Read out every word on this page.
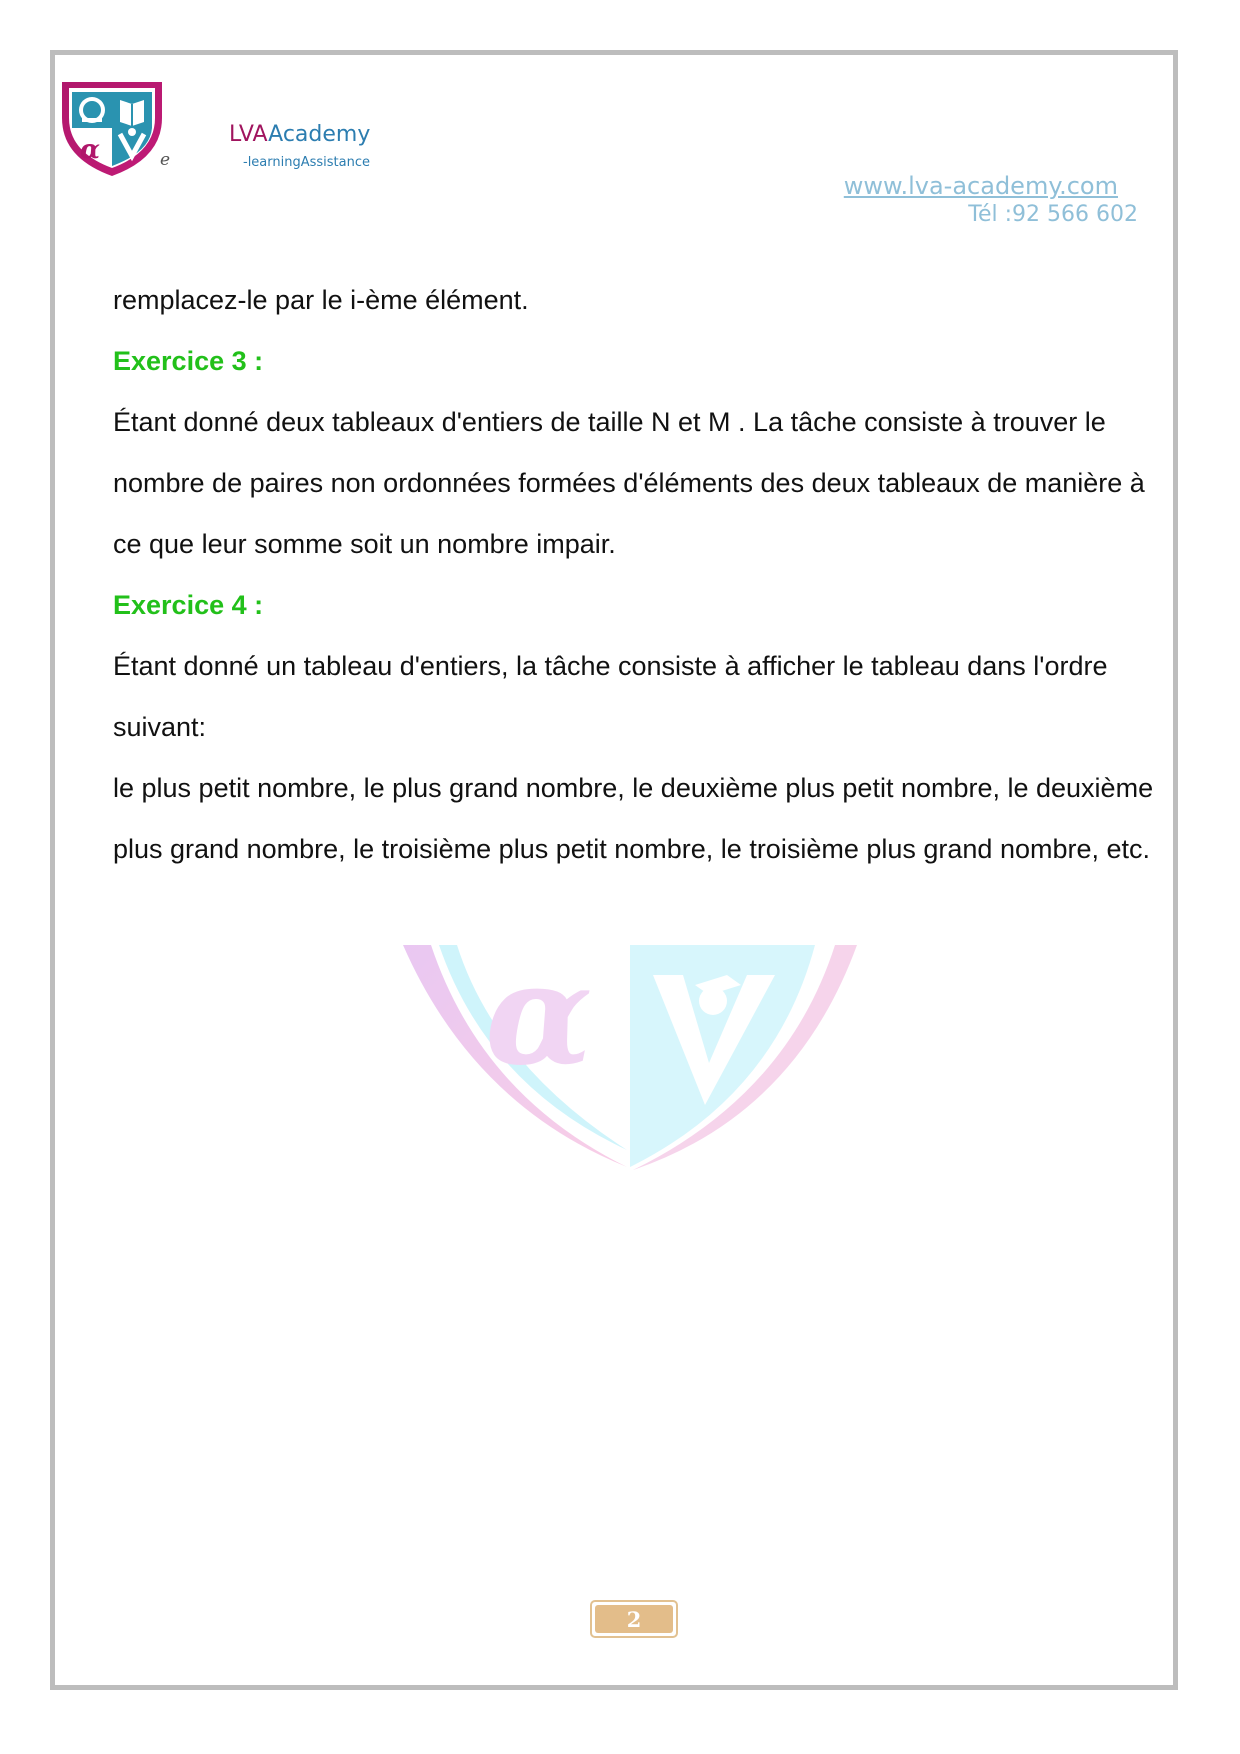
α	e
LVAAcademy
-learningAssistance
www.lva-academy.com
Tél :92 566 602
α

remplacez-le par le i-ème élément.

Exercice 3 :

Étant donné deux tableaux d'entiers de taille N et M . La tâche consiste à trouver le nombre de paires non ordonnées formées d'éléments des deux tableaux de manière à ce que leur somme soit un nombre impair.

Exercice 4 :

Étant donné un tableau d'entiers, la tâche consiste à afficher le tableau dans l'ordre suivant:

le plus petit nombre, le plus grand nombre, le deuxième plus petit nombre, le deuxième plus grand nombre, le troisième plus petit nombre, le troisième plus grand nombre, etc.

2
